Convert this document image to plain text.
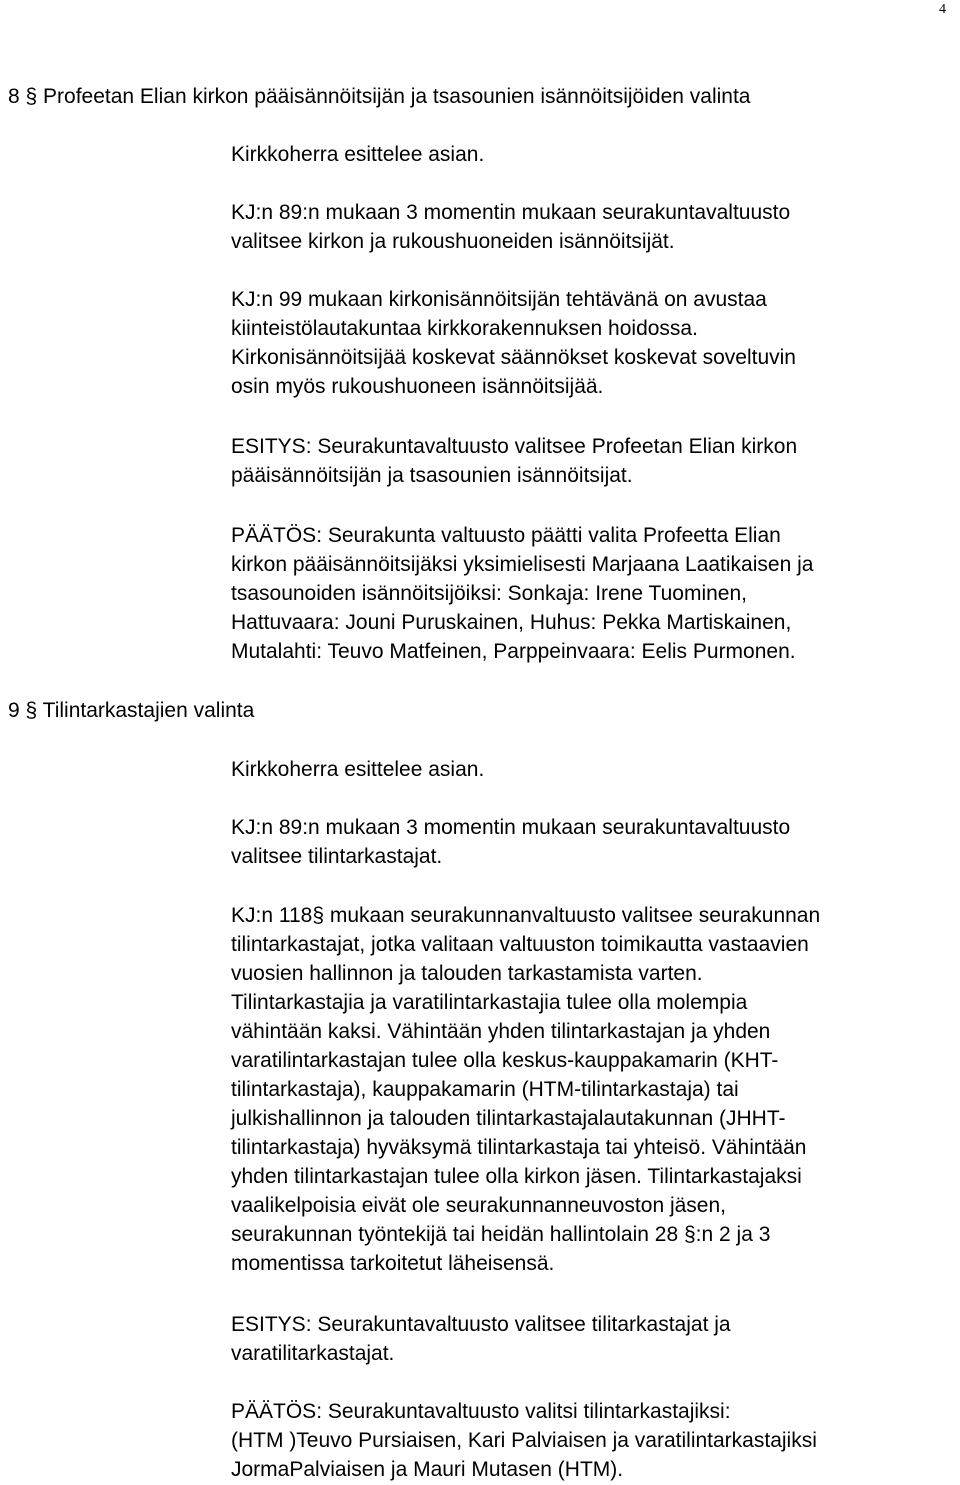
4
8 § Profeetan Elian kirkon pääisännöitsijän ja tsasounien isännöitsijöiden valinta

Kirkkoherra esittelee asian.

KJ:n 89:n mukaan 3 momentin mukaan seurakuntavaltuusto
valitsee kirkon ja rukoushuoneiden isännöitsijät.

KJ:n 99 mukaan kirkonisännöitsijän tehtävänä on avustaa
kiinteistölautakuntaa kirkkorakennuksen hoidossa.
Kirkonisännöitsijää koskevat säännökset koskevat soveltuvin
osin myös rukoushuoneen isännöitsijää.

ESITYS: Seurakuntavaltuusto valitsee Profeetan Elian kirkon
pääisännöitsijän ja tsasounien isännöitsijat.

PÄÄTÖS: Seurakunta valtuusto päätti valita Profeetta Elian
kirkon pääisännöitsijäksi yksimielisesti Marjaana Laatikaisen ja
tsasounoiden isännöitsijöiksi: Sonkaja: Irene Tuominen,
Hattuvaara: Jouni Puruskainen, Huhus: Pekka Martiskainen,
Mutalahti: Teuvo Matfeinen, Parppeinvaara: Eelis Purmonen.

9 § Tilintarkastajien valinta

Kirkkoherra esittelee asian.

KJ:n 89:n mukaan 3 momentin mukaan seurakuntavaltuusto
valitsee tilintarkastajat.

KJ:n 118§ mukaan seurakunnanvaltuusto valitsee seurakunnan
tilintarkastajat, jotka valitaan valtuuston toimikautta vastaavien
vuosien hallinnon ja talouden tarkastamista varten.
Tilintarkastajia ja varatilintarkastajia tulee olla molempia
vähintään kaksi. Vähintään yhden tilintarkastajan ja yhden
varatilintarkastajan tulee olla keskus-kauppakamarin (KHT-
tilintarkastaja), kauppakamarin (HTM-tilintarkastaja) tai
julkishallinnon ja talouden tilintarkastajalautakunnan (JHHT-
tilintarkastaja) hyväksymä tilintarkastaja tai yhteisö. Vähintään
yhden tilintarkastajan tulee olla kirkon jäsen. Tilintarkastajaksi
vaalikelpoisia eivät ole seurakunnanneuvoston jäsen,
seurakunnan työntekijä tai heidän hallintolain 28 §:n 2 ja 3
momentissa tarkoitetut läheisensä.

ESITYS: Seurakuntavaltuusto valitsee tilitarkastajat ja
varatilitarkastajat.

PÄÄTÖS: Seurakuntavaltuusto valitsi tilintarkastajiksi:
(HTM )Teuvo Pursiaisen, Kari Palviaisen ja varatilintarkastajiksi
JormaPalviaisen ja Mauri Mutasen (HTM).
